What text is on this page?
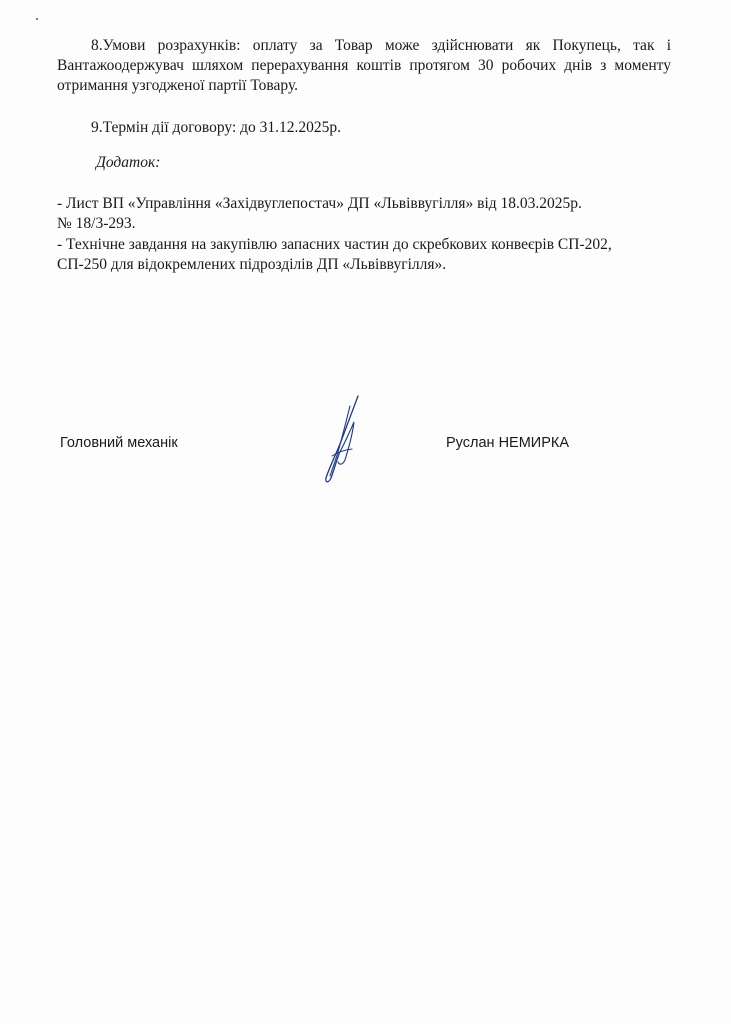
8.Умови розрахунків: оплату за Товар може здійснювати як Покупець, так і Вантажоодержувач шляхом перерахування коштів протягом 30 робочих днів з моменту отримання узгодженої партії Товару.

9.Термін дії договору: до 31.12.2025р.

Додаток:

- Лист ВП «Управління «Західвуглепостач» ДП «Львіввугілля» від 18.03.2025р.
№ 18/3-293.
- Технічне завдання на закупівлю запасних частин до скребкових конвеєрів СП-202,
СП-250 для відокремлених підрозділів ДП «Львіввугілля».
Головний механік	Руслан НЕМИРКА
